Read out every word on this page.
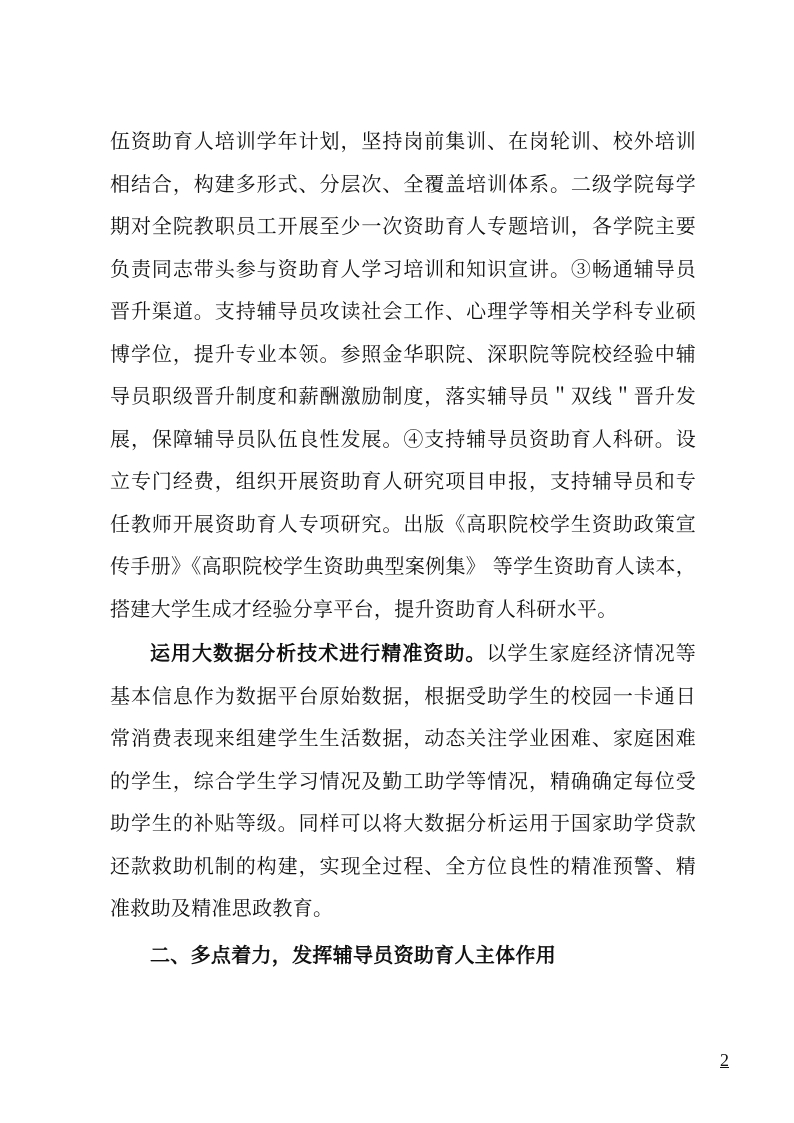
伍资助育人培训学年计划，坚持岗前集训、在岗轮训、校外培训相结合，构建多形式、分层次、全覆盖培训体系。二级学院每学期对全院教职员工开展至少一次资助育人专题培训，各学院主要负责同志带头参与资助育人学习培训和知识宣讲。③畅通辅导员晋升渠道。支持辅导员攻读社会工作、心理学等相关学科专业硕博学位，提升专业本领。参照金华职院、深职院等院校经验中辅导员职级晋升制度和薪酬激励制度，落实辅导员＂双线＂晋升发展，保障辅导员队伍良性发展。④支持辅导员资助育人科研。设立专门经费，组织开展资助育人研究项目申报，支持辅导员和专任教师开展资助育人专项研究。出版《高职院校学生资助政策宣传手册》《高职院校学生资助典型案例集》 等学生资助育人读本，搭建大学生成才经验分享平台，提升资助育人科研水平。

运用大数据分析技术进行精准资助。以学生家庭经济情况等基本信息作为数据平台原始数据，根据受助学生的校园一卡通日常消费表现来组建学生生活数据，动态关注学业困难、家庭困难的学生，综合学生学习情况及勤工助学等情况，精确确定每位受助学生的补贴等级。同样可以将大数据分析运用于国家助学贷款还款救助机制的构建，实现全过程、全方位良性的精准预警、精准救助及精准思政教育。

二、多点着力，发挥辅导员资助育人主体作用

2
